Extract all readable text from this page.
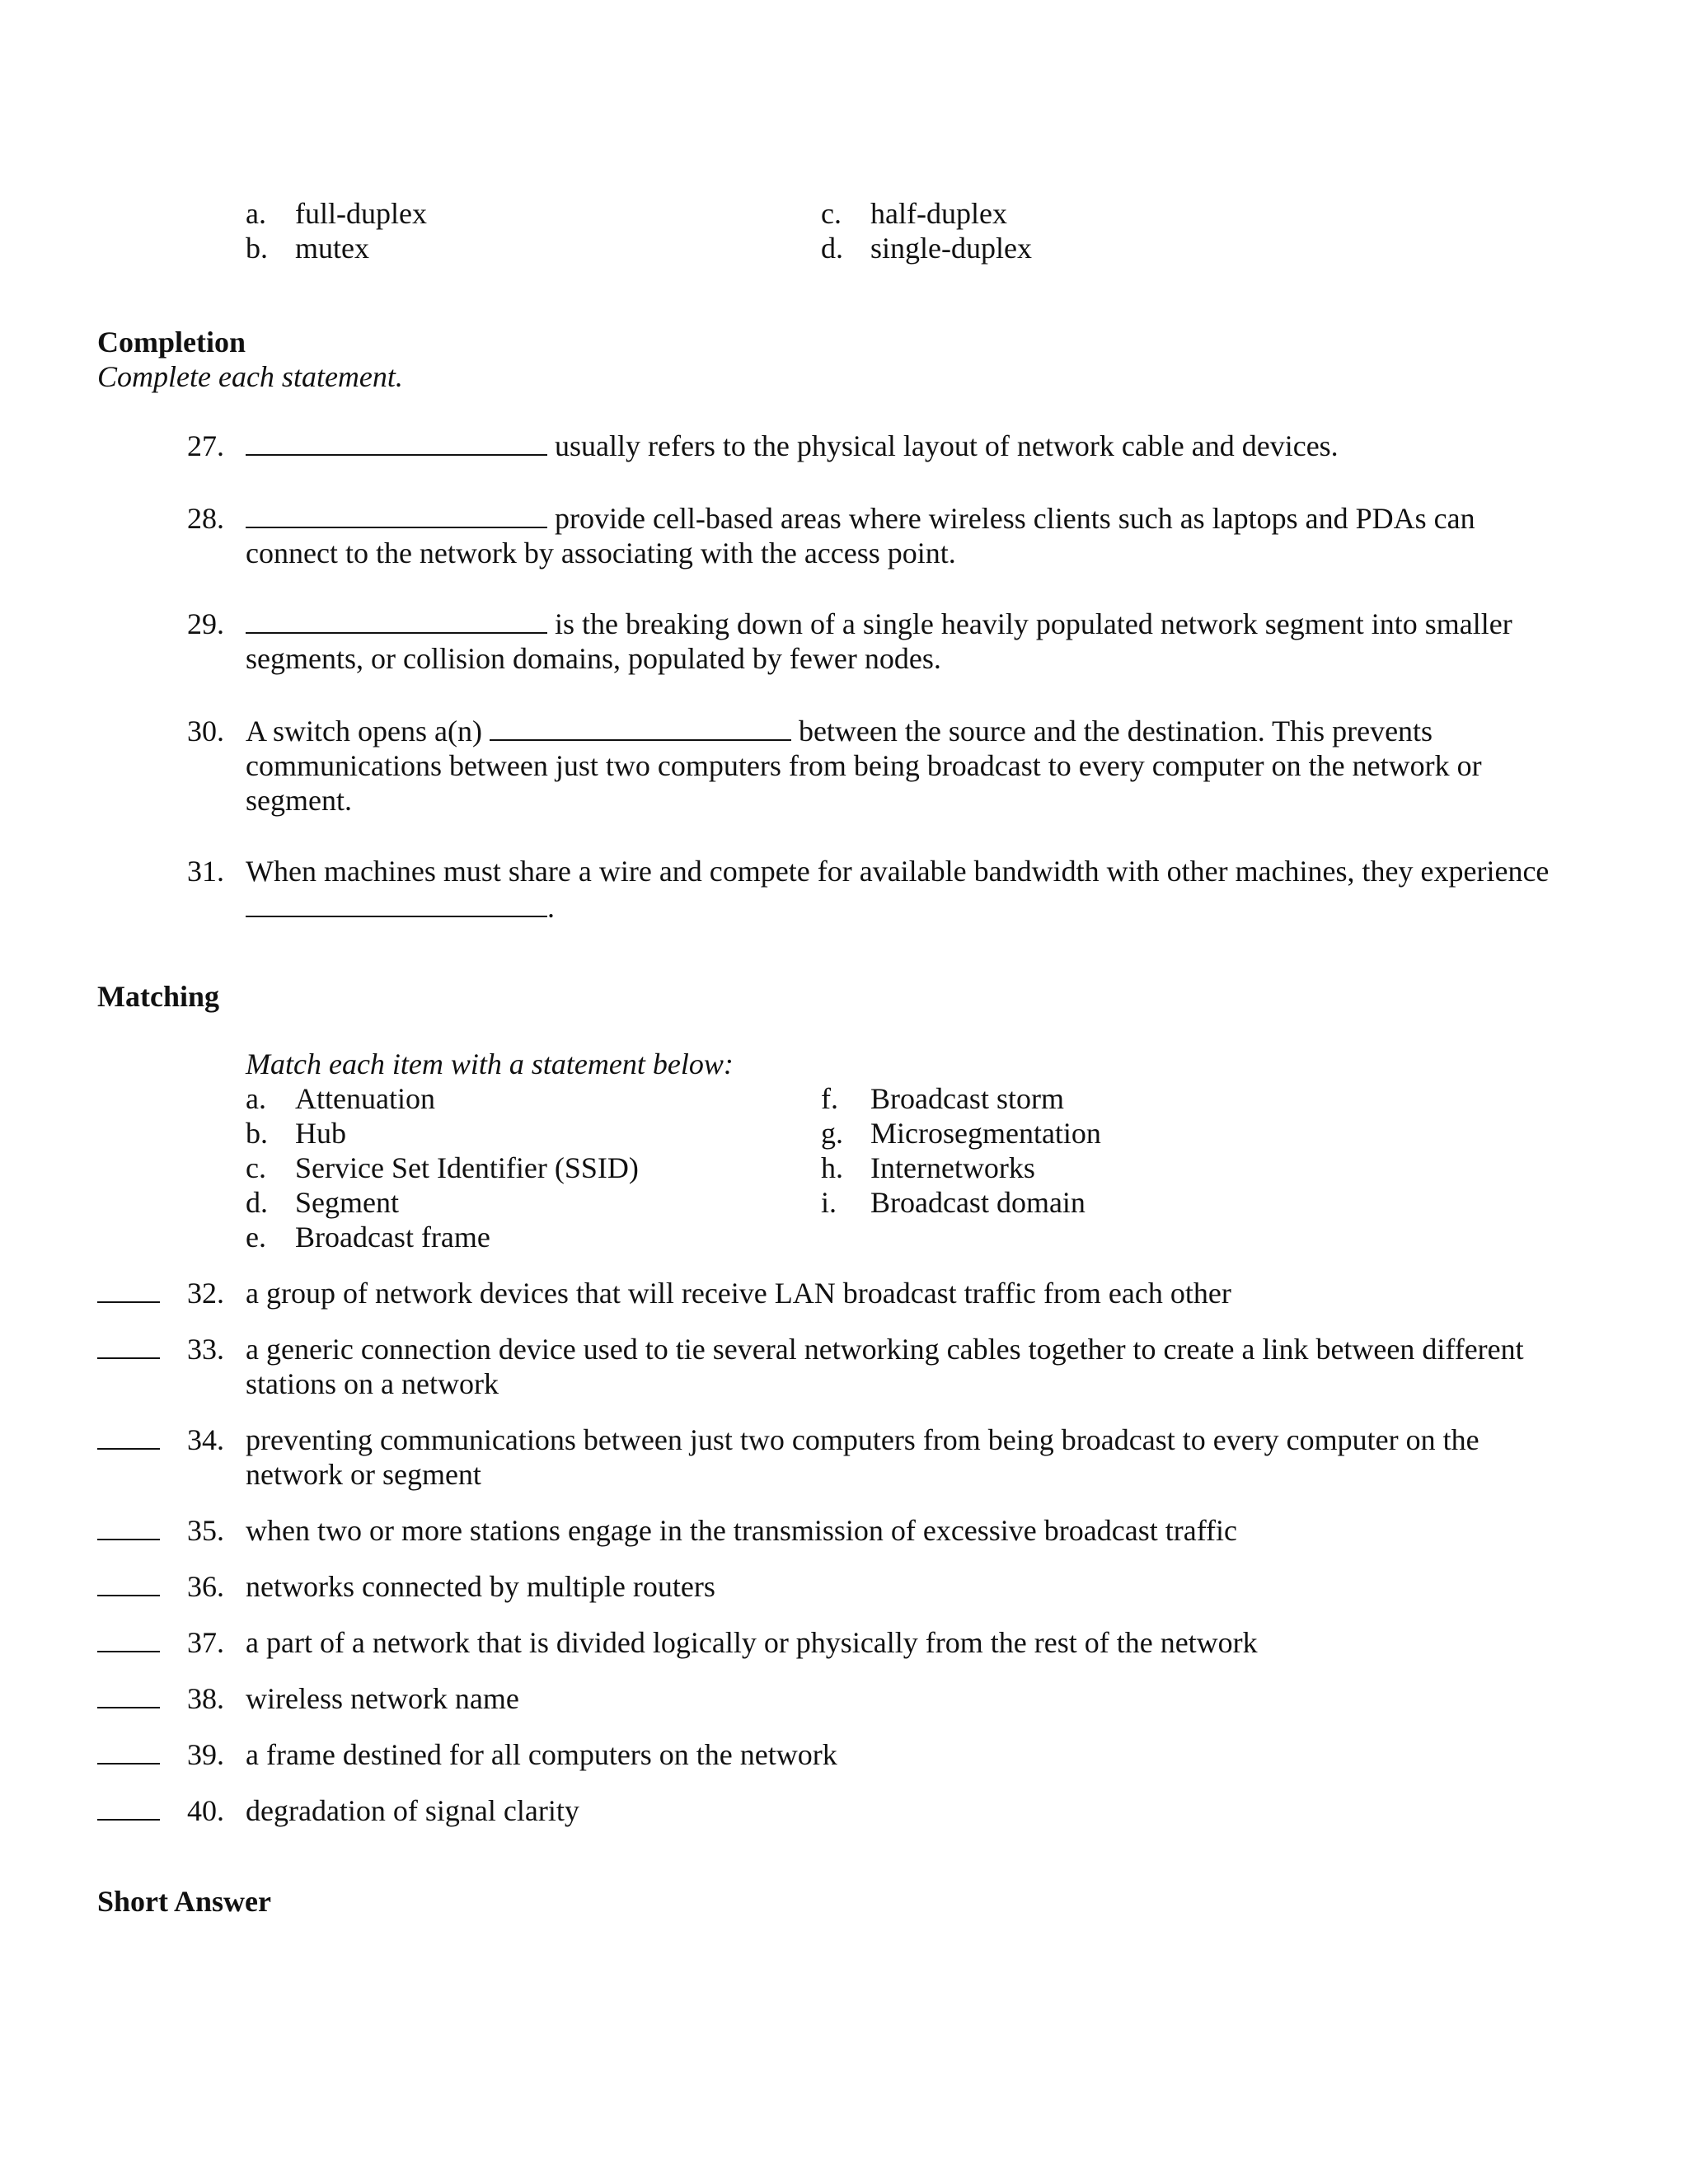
a. full-duplex
b. mutex
c. half-duplex
d. single-duplex
Completion
Complete each statement.
27.	usually refers to the physical layout of network cable and devices.
28.	provide cell-based areas where wireless clients such as laptops and PDAs can
connect to the network by associating with the access point.
29.	is the breaking down of a single heavily populated network segment into smaller
segments, or collision domains, populated by fewer nodes.
30. A switch opens a(n)	between the source and the destination. This prevents
communications between just two computers from being broadcast to every computer on the network or
segment.
31. When machines must share a wire and compete for available bandwidth with other machines, they experience
.
Matching
Match each item with a statement below:
a. Attenuation
b. Hub
c. Service Set Identifier (SSID)
d. Segment
e. Broadcast frame
f. Broadcast storm
g. Microsegmentation
h. Internetworks
i. Broadcast domain
32. a group of network devices that will receive LAN broadcast traffic from each other
33. a generic connection device used to tie several networking cables together to create a link between different
stations on a network
34. preventing communications between just two computers from being broadcast to every computer on the
network or segment
35. when two or more stations engage in the transmission of excessive broadcast traffic
36. networks connected by multiple routers
37. a part of a network that is divided logically or physically from the rest of the network
38. wireless network name
39. a frame destined for all computers on the network
40. degradation of signal clarity
Short Answer
